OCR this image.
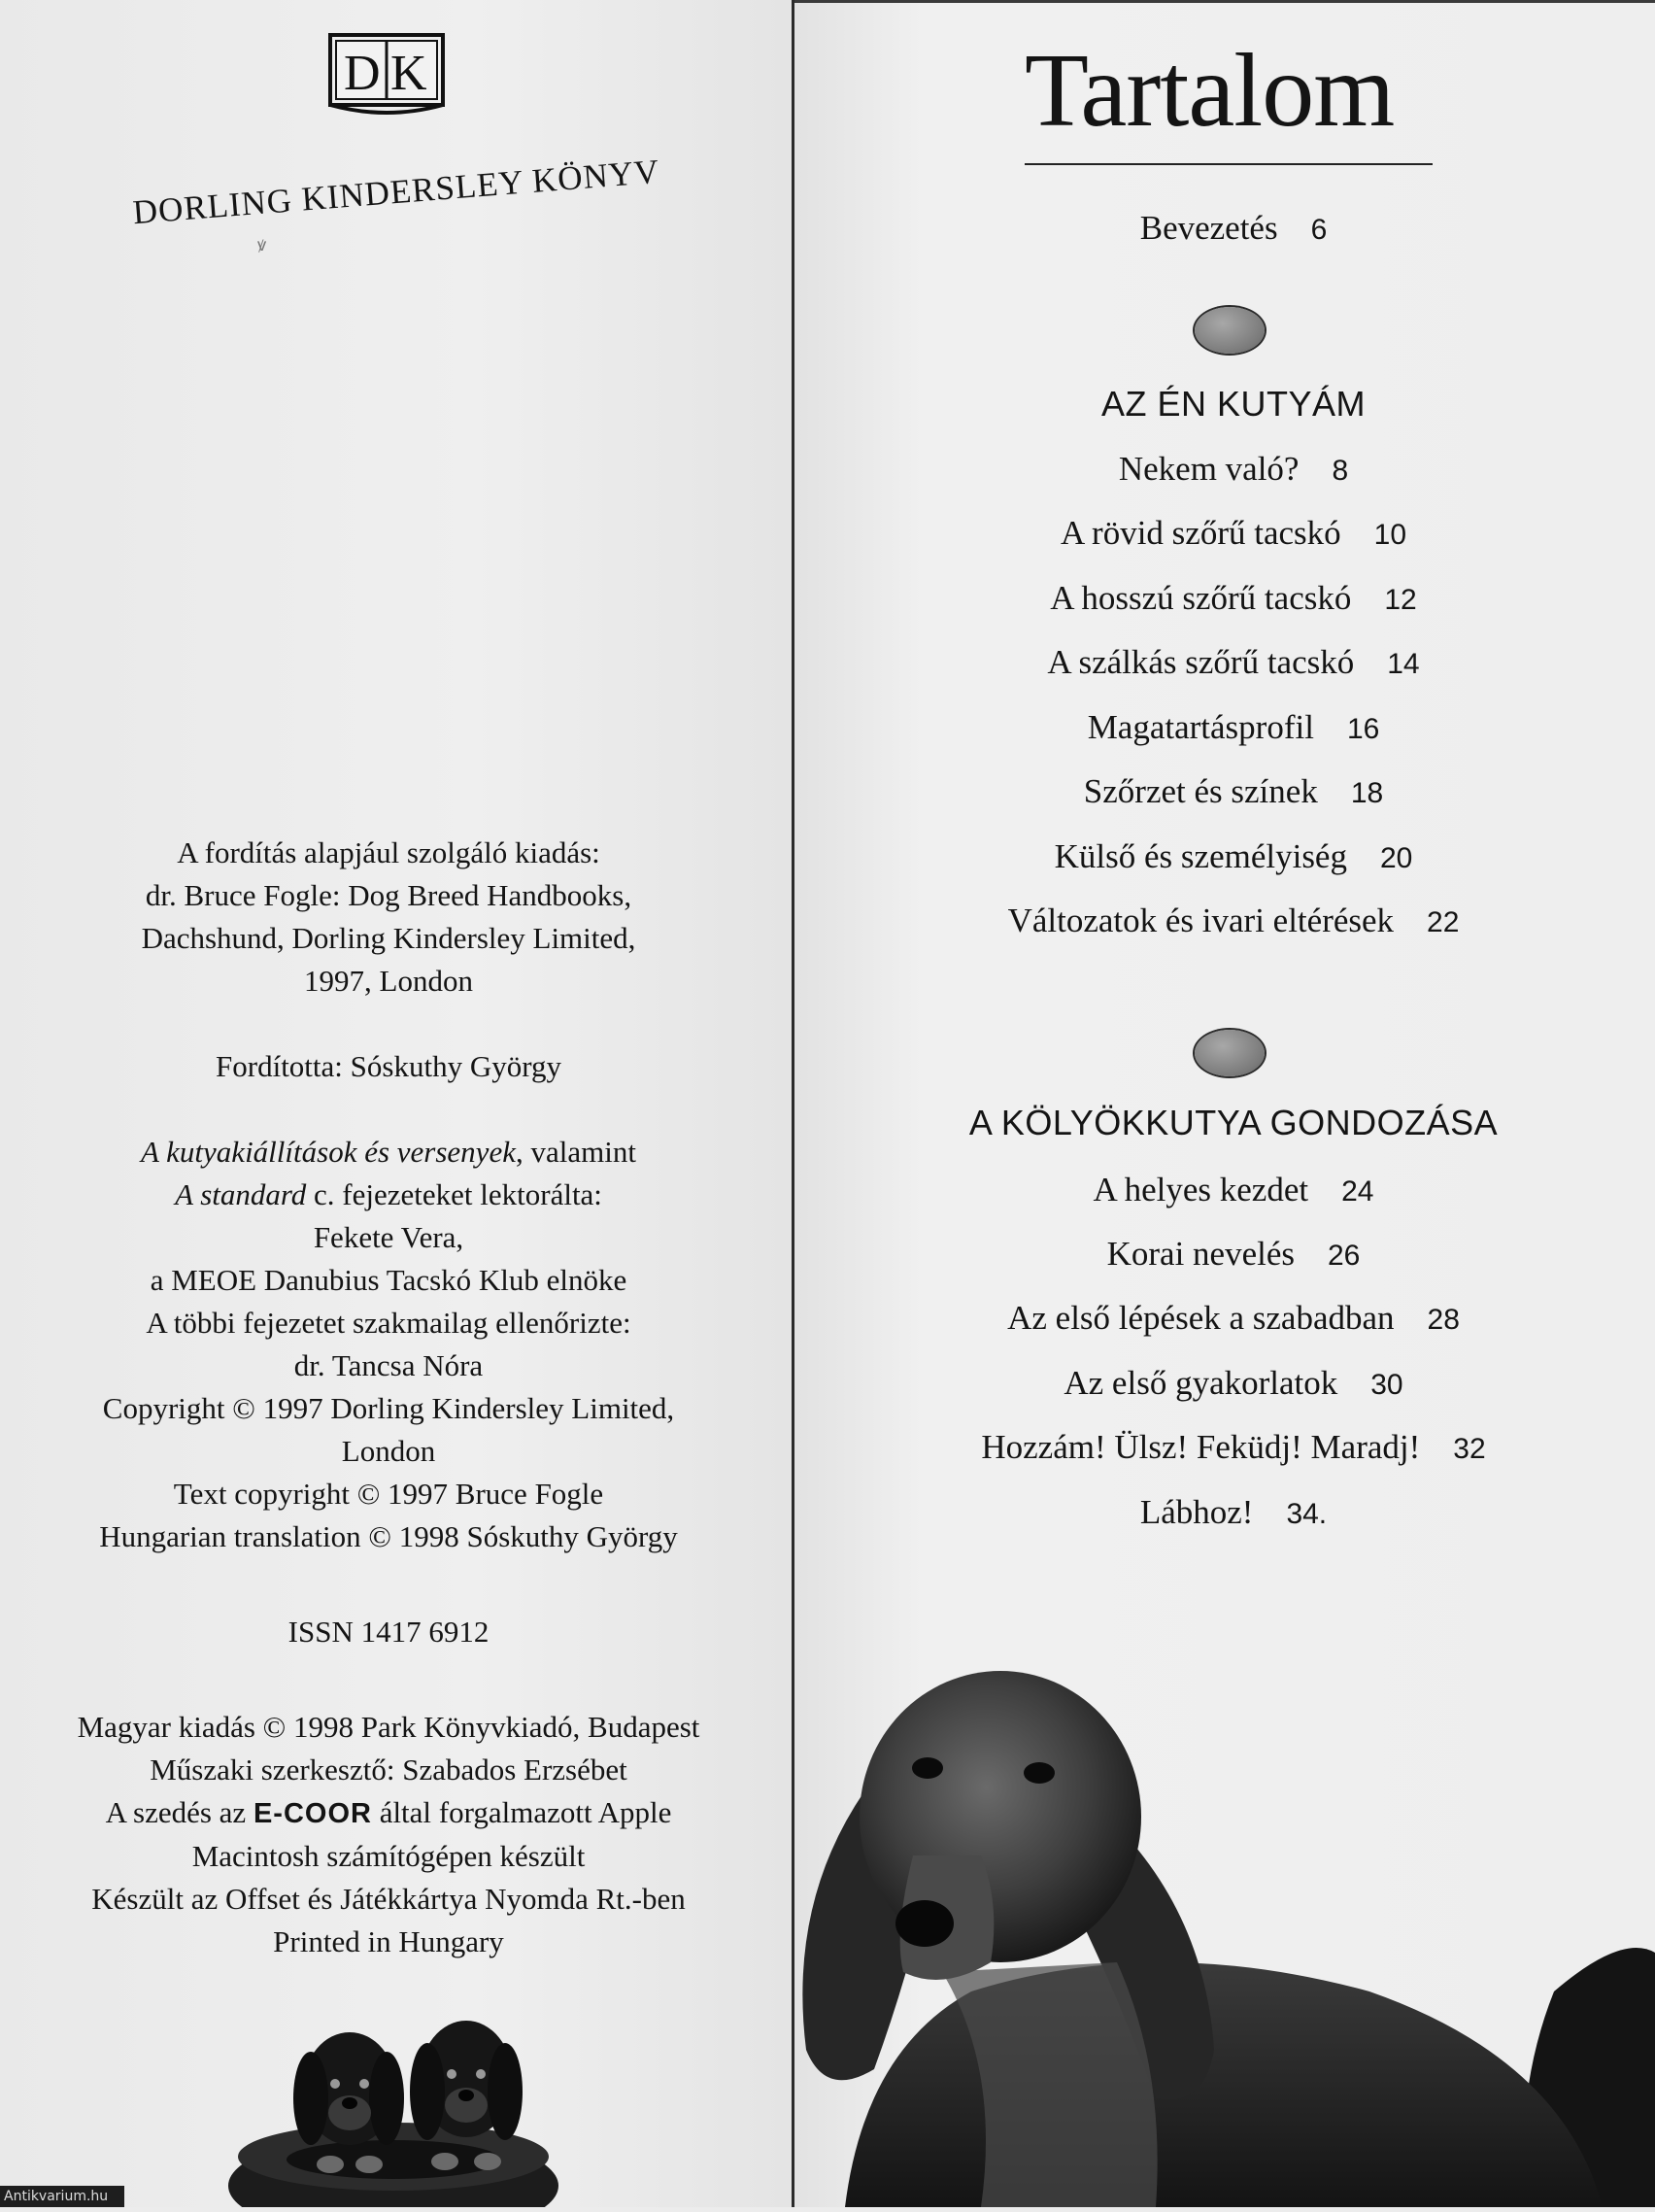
D K
DORLING KINDERSLEY KÖNYV
ꝟ
A fordítás alapjául szolgáló kiadás:
dr. Bruce Fogle: Dog Breed Handbooks,
Dachshund, Dorling Kindersley Limited,
1997, London
Fordította: Sóskuthy György
A kutyakiállítások és versenyek, valamint
A standard c. fejezeteket lektorálta:
Fekete Vera,
a MEOE Danubius Tacskó Klub elnöke
A többi fejezetet szakmailag ellenőrizte:
dr. Tancsa Nóra
Copyright © 1997 Dorling Kindersley Limited,
London
Text copyright © 1997 Bruce Fogle
Hungarian translation © 1998 Sóskuthy György
ISSN 1417 6912
Magyar kiadás © 1998 Park Könyvkiadó, Budapest
Műszaki szerkesztő: Szabados Erzsébet
A szedés az E-COOR által forgalmazott Apple
Macintosh számítógépen készült
Készült az Offset és Játékkártya Nyomda Rt.-ben
Printed in Hungary
Tartalom
Bevezetés 6
AZ ÉN KUTYÁM
Nekem való? 8
A rövid szőrű tacskó 10
A hosszú szőrű tacskó 12
A szálkás szőrű tacskó 14
Magatartásprofil 16
Szőrzet és színek 18
Külső és személyiség 20
Változatok és ivari eltérések 22
A KÖLYÖKKUTYA GONDOZÁSA
A helyes kezdet 24
Korai nevelés 26
Az első lépések a szabadban 28
Az első gyakorlatok 30
Hozzám! Ülsz! Feküdj! Maradj! 32
Lábhoz! 34.
Antikvarium.hu
